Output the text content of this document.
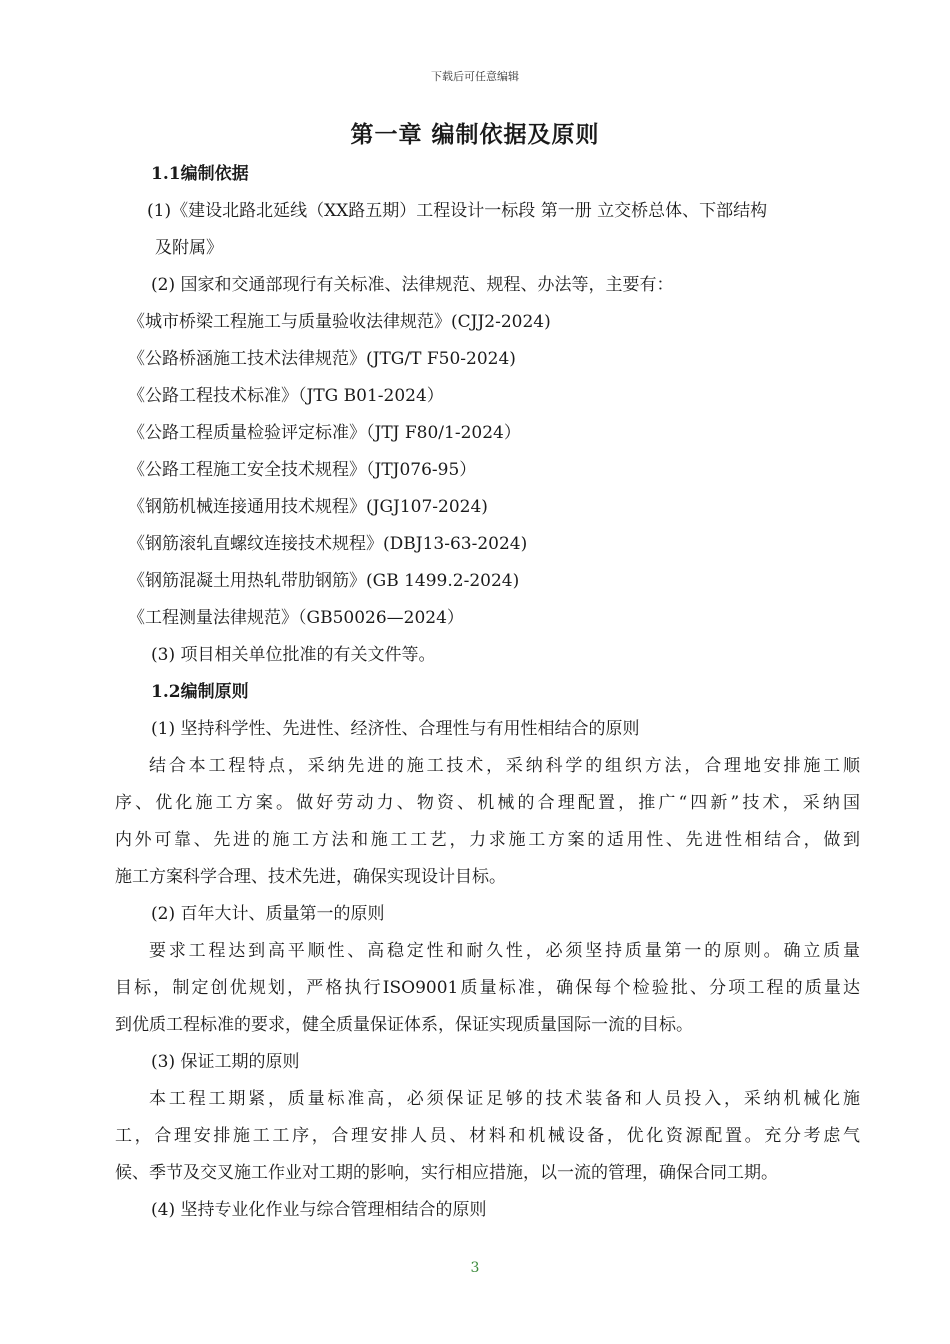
下载后可任意编辑
第一章 编制依据及原则
1.1编制依据
(1)《建设北路北延线（XX路五期）工程设计一标段 第一册 立交桥总体、下部结构
及附属》
(2) 国家和交通部现行有关标准、法律规范、规程、办法等，主要有：
《城市桥梁工程施工与质量验收法律规范》(CJJ2-2024)
《公路桥涵施工技术法律规范》(JTG/T F50-2024)
《公路工程技术标准》（JTG B01-2024）
《公路工程质量检验评定标准》（JTJ F80/1-2024）
《公路工程施工安全技术规程》（JTJ076-95）
《钢筋机械连接通用技术规程》(JGJ107-2024)
《钢筋滚轧直螺纹连接技术规程》(DBJ13-63-2024)
《钢筋混凝土用热轧带肋钢筋》(GB 1499.2-2024)
《工程测量法律规范》（GB50026—2024）
(3) 项目相关单位批准的有关文件等。
1.2编制原则
(1) 坚持科学性、先进性、经济性、合理性与有用性相结合的原则
结合本工程特点，采纳先进的施工技术，采纳科学的组织方法，合理地安排施工顺
序、优化施工方案。做好劳动力、物资、机械的合理配置，推广“四新”技术，采纳国
内外可靠、先进的施工方法和施工工艺，力求施工方案的适用性、先进性相结合，做到
施工方案科学合理、技术先进，确保实现设计目标。
(2) 百年大计、质量第一的原则
要求工程达到高平顺性、高稳定性和耐久性，必须坚持质量第一的原则。确立质量
目标，制定创优规划，严格执行ISO9001质量标准，确保每个检验批、分项工程的质量达
到优质工程标准的要求，健全质量保证体系，保证实现质量国际一流的目标。
(3) 保证工期的原则
本工程工期紧，质量标准高，必须保证足够的技术装备和人员投入，采纳机械化施
工，合理安排施工工序，合理安排人员、材料和机械设备，优化资源配置。充分考虑气
候、季节及交叉施工作业对工期的影响，实行相应措施，以一流的管理，确保合同工期。
(4) 坚持专业化作业与综合管理相结合的原则
3
